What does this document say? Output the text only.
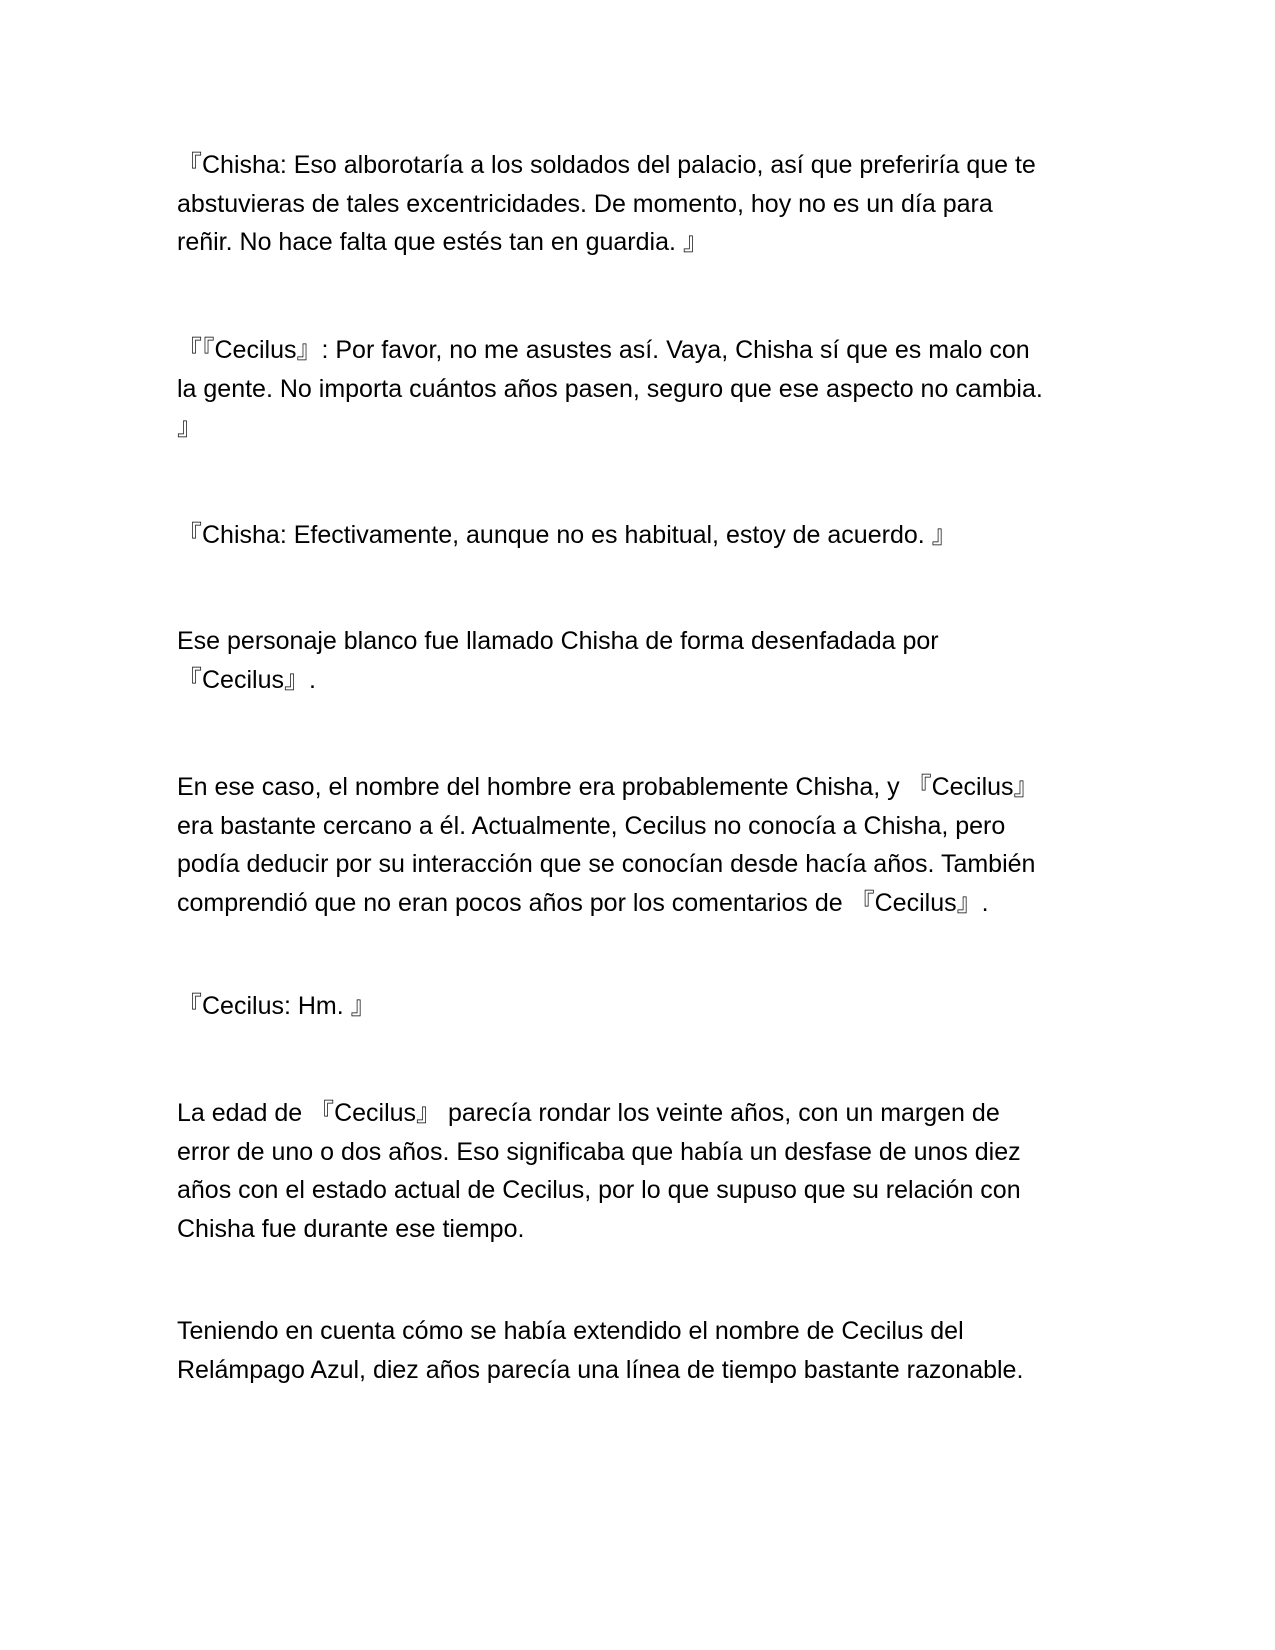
『Chisha: Eso alborotaría a los soldados del palacio, así que preferiría que te
abstuvieras de tales excentricidades. De momento, hoy no es un día para
reñir. No hace falta que estés tan en guardia. 』

『『Cecilus』: Por favor, no me asustes así. Vaya, Chisha sí que es malo con
la gente. No importa cuántos años pasen, seguro que ese aspecto no cambia.
』

『Chisha: Efectivamente, aunque no es habitual, estoy de acuerdo. 』

Ese personaje blanco fue llamado Chisha de forma desenfadada por
『Cecilus』.

En ese caso, el nombre del hombre era probablemente Chisha, y 『Cecilus』
era bastante cercano a él. Actualmente, Cecilus no conocía a Chisha, pero
podía deducir por su interacción que se conocían desde hacía años. También
comprendió que no eran pocos años por los comentarios de 『Cecilus』.

『Cecilus: Hm. 』

La edad de 『Cecilus』 parecía rondar los veinte años, con un margen de
error de uno o dos años. Eso significaba que había un desfase de unos diez
años con el estado actual de Cecilus, por lo que supuso que su relación con
Chisha fue durante ese tiempo.

Teniendo en cuenta cómo se había extendido el nombre de Cecilus del
Relámpago Azul, diez años parecía una línea de tiempo bastante razonable.
